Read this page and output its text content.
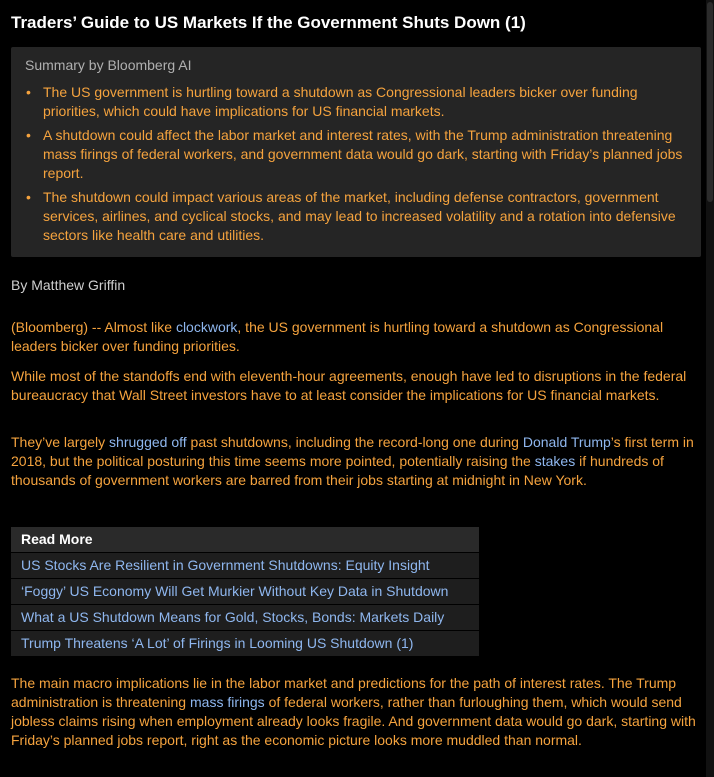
Traders’ Guide to US Markets If the Government Shuts Down (1)
Summary by Bloomberg AI
• The US government is hurtling toward a shutdown as Congressional leaders bicker over funding priorities, which could have implications for US financial markets.
• A shutdown could affect the labor market and interest rates, with the Trump administration threatening mass firings of federal workers, and government data would go dark, starting with Friday’s planned jobs report.
• The shutdown could impact various areas of the market, including defense contractors, government services, airlines, and cyclical stocks, and may lead to increased volatility and a rotation into defensive sectors like health care and utilities.
By Matthew Griffin

(Bloomberg) -- Almost like clockwork, the US government is hurtling toward a shutdown as Congressional leaders bicker over funding priorities.

While most of the standoffs end with eleventh-hour agreements, enough have led to disruptions in the federal bureaucracy that Wall Street investors have to at least consider the implications for US financial markets.

They’ve largely shrugged off past shutdowns, including the record-long one during Donald Trump’s first term in 2018, but the political posturing this time seems more pointed, potentially raising the stakes if hundreds of thousands of government workers are barred from their jobs starting at midnight in New York.

Read More
US Stocks Are Resilient in Government Shutdowns: Equity Insight
‘Foggy’ US Economy Will Get Murkier Without Key Data in Shutdown
What a US Shutdown Means for Gold, Stocks, Bonds: Markets Daily
Trump Threatens ‘A Lot’ of Firings in Looming US Shutdown (1)

The main macro implications lie in the labor market and predictions for the path of interest rates. The Trump administration is threatening mass firings of federal workers, rather than furloughing them, which would send jobless claims rising when employment already looks fragile. And government data would go dark, starting with Friday’s planned jobs report, right as the economic picture looks more muddled than normal.
